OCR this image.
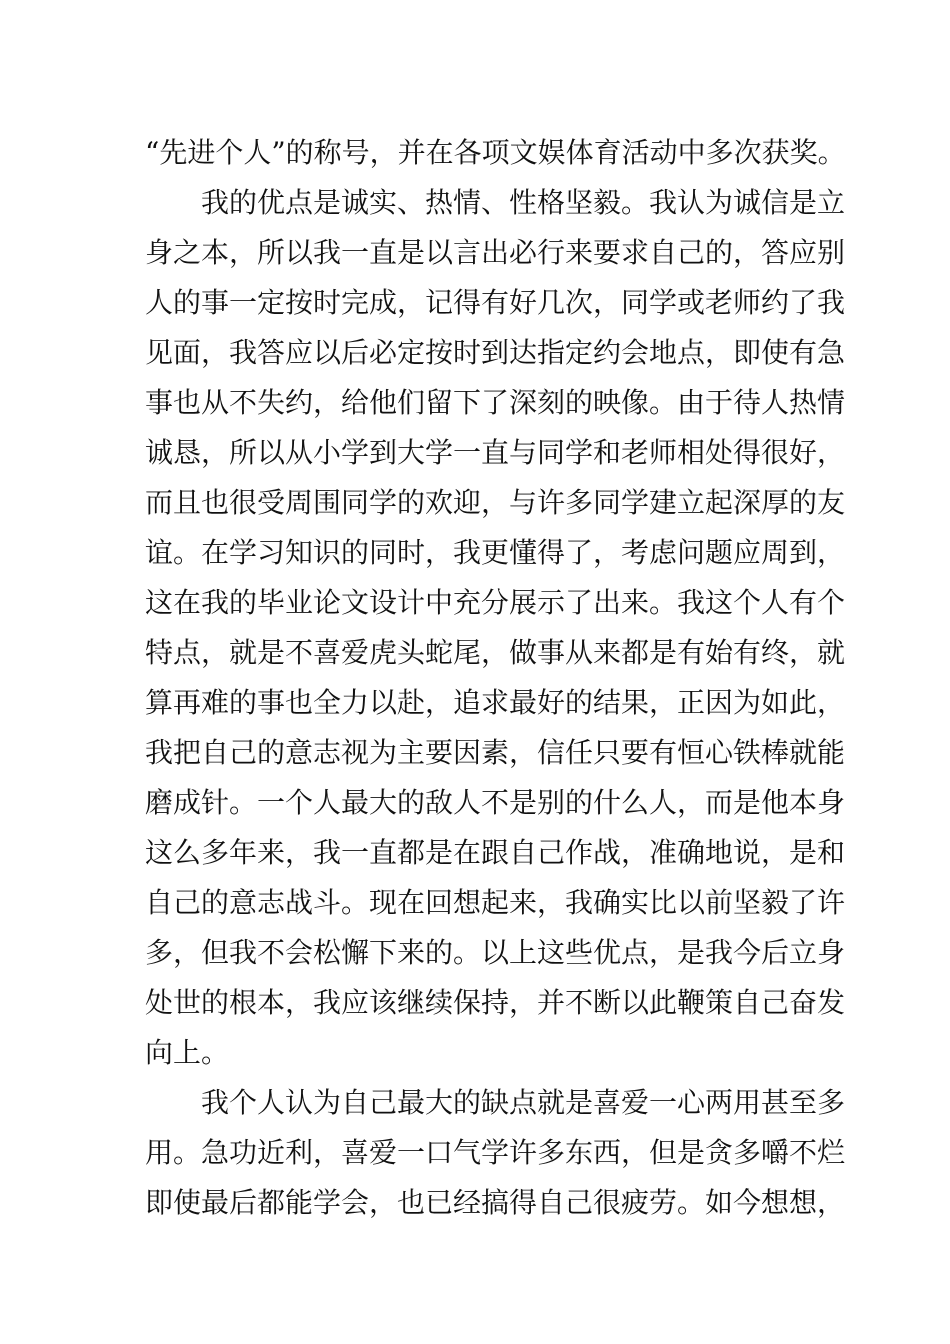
“先进个人”的称号，并在各项文娱体育活动中多次获奖。
我的优点是诚实、热情、性格坚毅。我认为诚信是立
身之本，所以我一直是以言出必行来要求自己的，答应别
人的事一定按时完成，记得有好几次，同学或老师约了我
见面，我答应以后必定按时到达指定约会地点，即使有急
事也从不失约，给他们留下了深刻的映像。由于待人热情
诚恳，所以从小学到大学一直与同学和老师相处得很好，
而且也很受周围同学的欢迎，与许多同学建立起深厚的友
谊。在学习知识的同时，我更懂得了，考虑问题应周到，
这在我的毕业论文设计中充分展示了出来。我这个人有个
特点，就是不喜爱虎头蛇尾，做事从来都是有始有终，就
算再难的事也全力以赴，追求最好的结果，正因为如此，
我把自己的意志视为主要因素，信任只要有恒心铁棒就能
磨成针。一个人最大的敌人不是别的什么人，而是他本身
这么多年来，我一直都是在跟自己作战，准确地说，是和
自己的意志战斗。现在回想起来，我确实比以前坚毅了许
多，但我不会松懈下来的。以上这些优点，是我今后立身
处世的根本，我应该继续保持，并不断以此鞭策自己奋发
向上。
我个人认为自己最大的缺点就是喜爱一心两用甚至多
用。急功近利，喜爱一口气学许多东西，但是贪多嚼不烂
即使最后都能学会，也已经搞得自己很疲劳。如今想想，
